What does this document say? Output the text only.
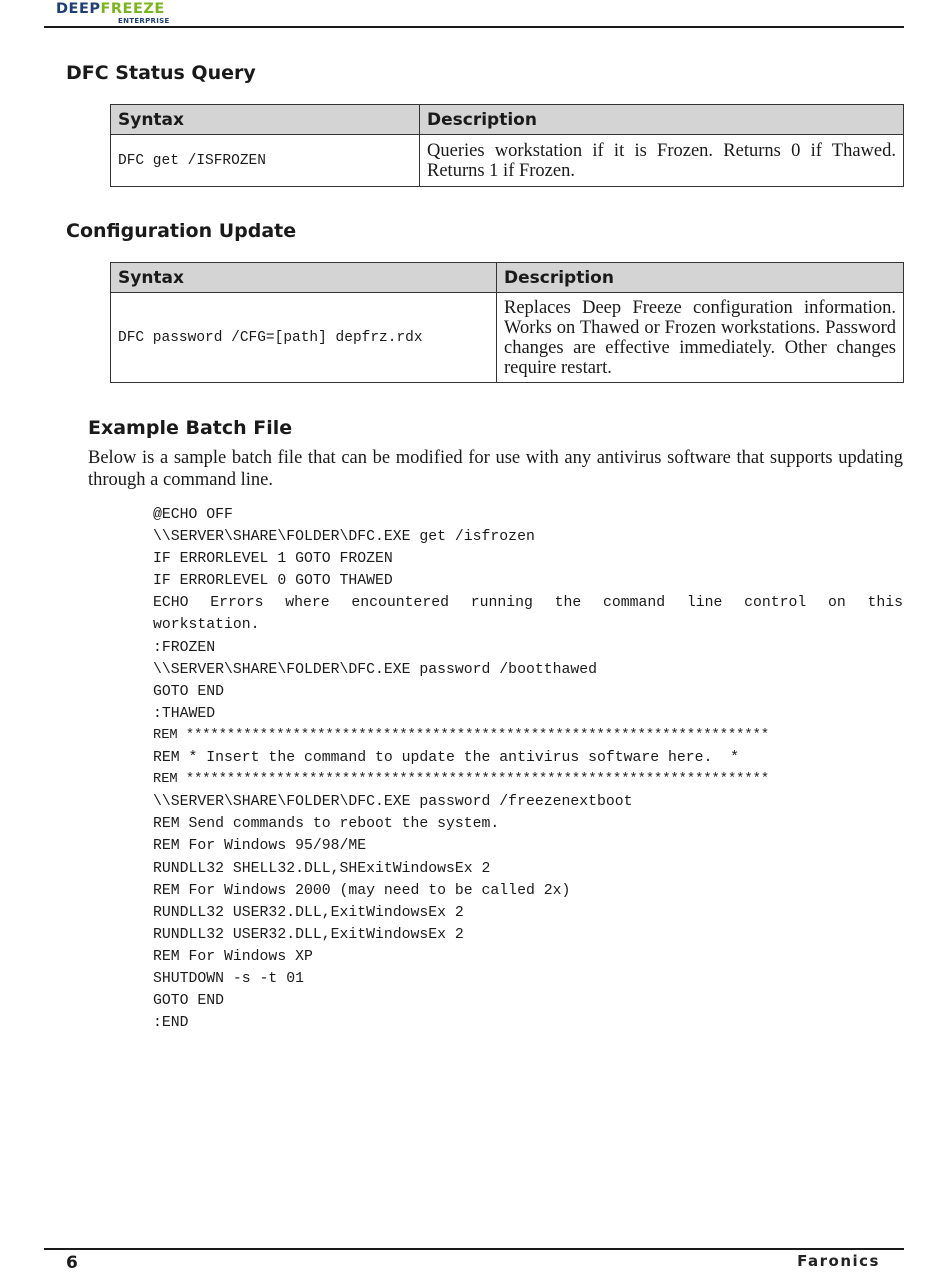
DEEPFREEZE
ENTERPRISE
DFC Status Query
Syntax	Description
DFC get /ISFROZEN	Queries workstation if it is Frozen. Returns 0 if Thawed. Returns 1 if Frozen.
Configuration Update
Syntax	Description
DFC password /CFG=[path] depfrz.rdx	Replaces Deep Freeze configuration information. Works on Thawed or Frozen workstations. Password changes are effective immediately. Other changes require restart.
Example Batch File

Below is a sample batch file that can be modified for use with any antivirus software that supports updating through a command line.

@ECHO OFF
\\SERVER\SHARE\FOLDER\DFC.EXE get /isfrozen
IF ERRORLEVEL 1 GOTO FROZEN
IF ERRORLEVEL 0 GOTO THAWED
ECHO Errors where encountered running the command line control on this
workstation.
:FROZEN
\\SERVER\SHARE\FOLDER\DFC.EXE password /bootthawed
GOTO END
:THAWED
REM ***********************************************************************
REM * Insert the command to update the antivirus software here.  *
REM ***********************************************************************
\\SERVER\SHARE\FOLDER\DFC.EXE password /freezenextboot
REM Send commands to reboot the system.
REM For Windows 95/98/ME
RUNDLL32 SHELL32.DLL,SHExitWindowsEx 2
REM For Windows 2000 (may need to be called 2x)
RUNDLL32 USER32.DLL,ExitWindowsEx 2
RUNDLL32 USER32.DLL,ExitWindowsEx 2
REM For Windows XP
SHUTDOWN -s -t 01
GOTO END
:END

6	Faronics
